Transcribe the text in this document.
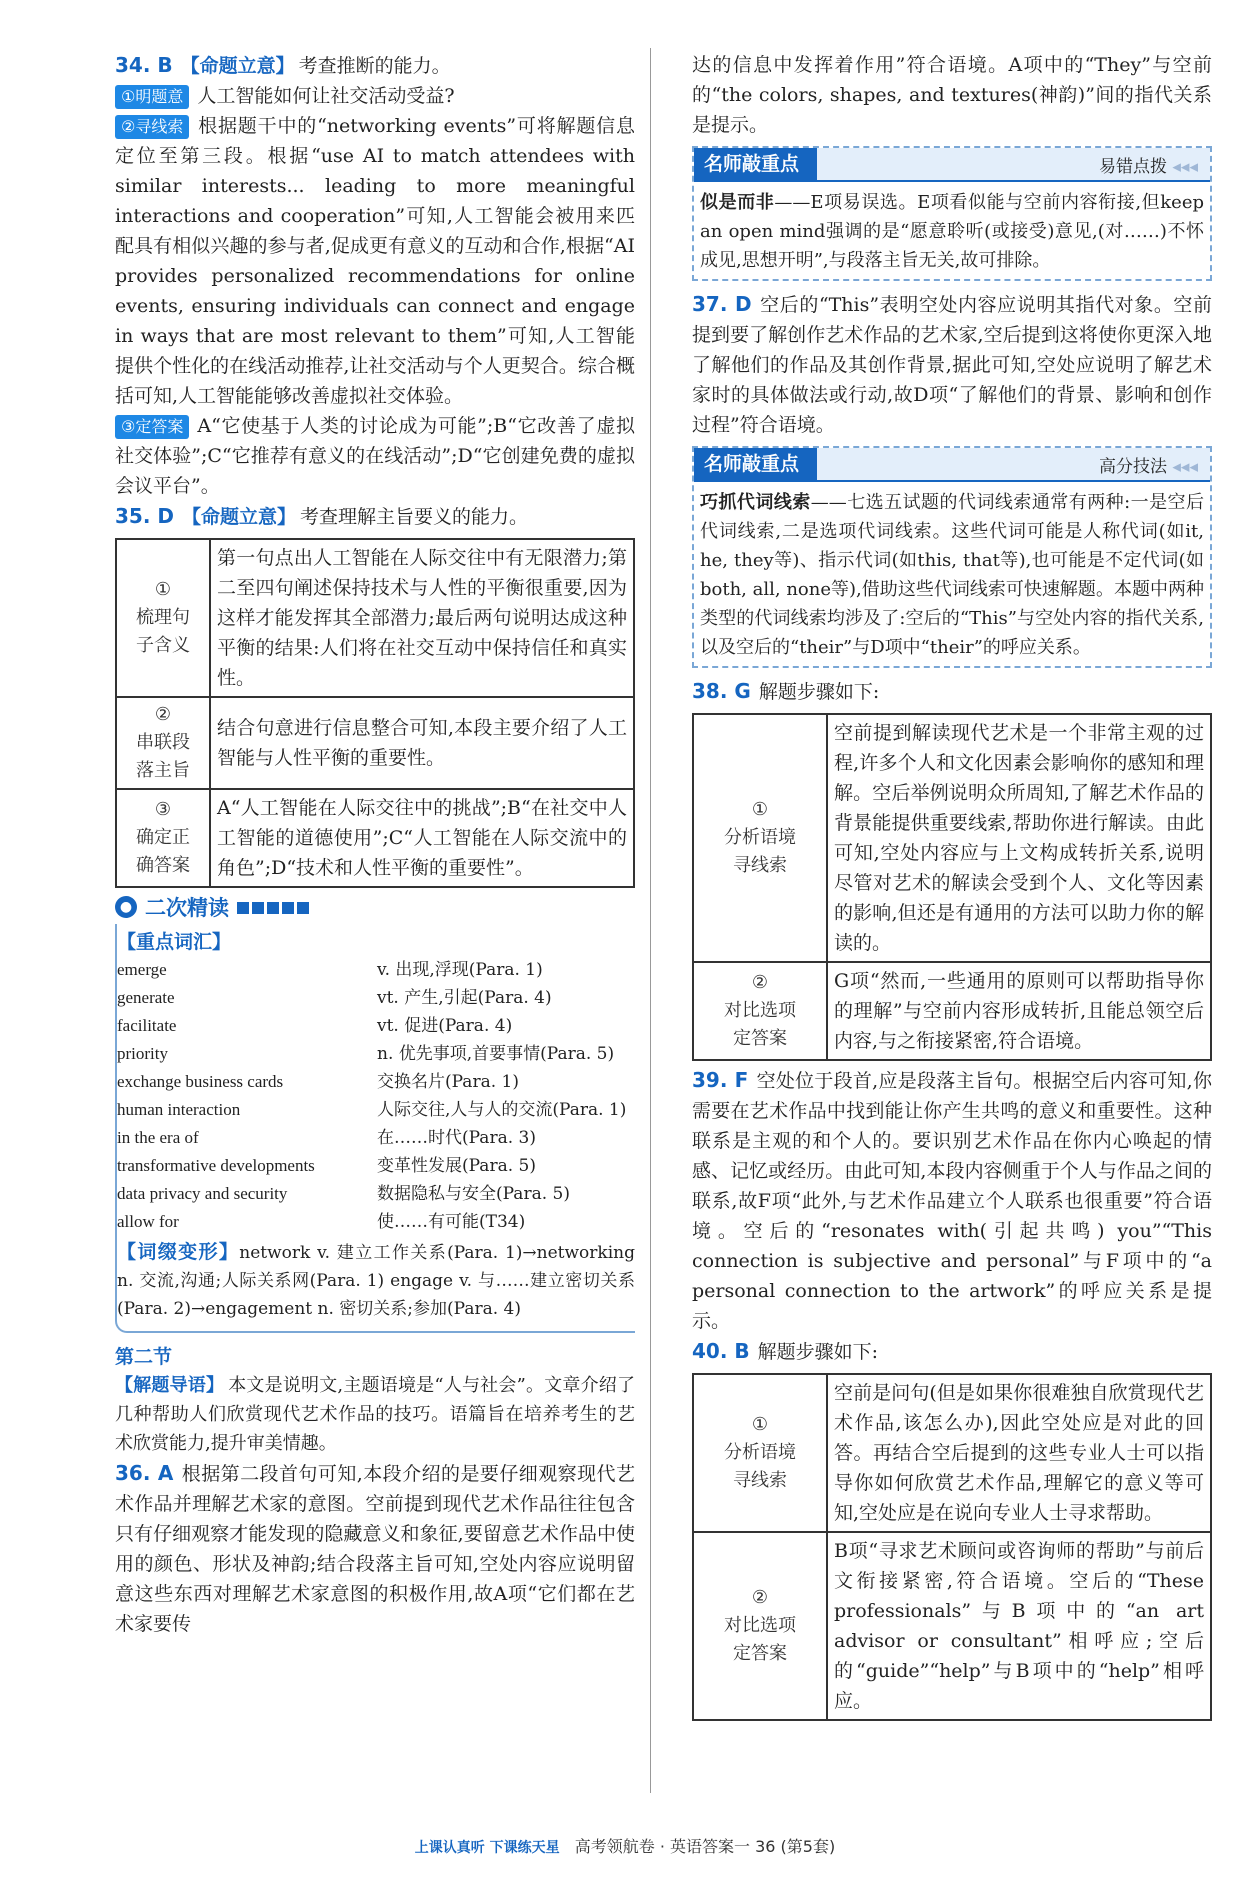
34. B 【命题立意】 考查推断的能力。

①明题意 人工智能如何让社交活动受益?

②寻线索 根据题干中的“networking events”可将解题信息定位至第三段。根据“use AI to match attendees with similar interests... leading to more meaningful interactions and cooperation”可知,人工智能会被用来匹配具有相似兴趣的参与者,促成更有意义的互动和合作,根据“AI provides personalized recommendations for online events, ensuring individuals can connect and engage in ways that are most relevant to them”可知,人工智能提供个性化的在线活动推荐,让社交活动与个人更契合。综合概括可知,人工智能能够改善虚拟社交体验。

③定答案 A“它使基于人类的讨论成为可能”;B“它改善了虚拟社交体验”;C“它推荐有意义的在线活动”;D“它创建免费的虚拟会议平台”。

35. D 【命题立意】 考查理解主旨要义的能力。

①
梳理句
子含义	第一句点出人工智能在人际交往中有无限潜力;第二至四句阐述保持技术与人性的平衡很重要,因为这样才能发挥其全部潜力;最后两句说明达成这种平衡的结果:人们将在社交互动中保持信任和真实性。
②
串联段
落主旨	结合句意进行信息整合可知,本段主要介绍了人工智能与人性平衡的重要性。
③
确定正
确答案	A“人工智能在人际交往中的挑战”;B“在社交中人工智能的道德使用”;C“人工智能在人际交流中的角色”;D“技术和人性平衡的重要性”。
● 二次精读
【重点词汇】
emerge	v. 出现,浮现(Para. 1)
generate	vt. 产生,引起(Para. 4)
facilitate	vt. 促进(Para. 4)
priority	n. 优先事项,首要事情(Para. 5)
exchange business cards	交换名片(Para. 1)
human interaction	人际交往,人与人的交流(Para. 1)
in the era of	在……时代(Para. 3)
transformative developments	变革性发展(Para. 5)
data privacy and security	数据隐私与安全(Para. 5)
allow for	使……有可能(T34)

【词缀变形】network v. 建立工作关系(Para. 1)→networking n. 交流,沟通;人际关系网(Para. 1) engage v. 与……建立密切关系(Para. 2)→engagement n. 密切关系;参加(Para. 4)

第二节

【解题导语】 本文是说明文,主题语境是“人与社会”。文章介绍了几种帮助人们欣赏现代艺术作品的技巧。语篇旨在培养考生的艺术欣赏能力,提升审美情趣。

36. A 根据第二段首句可知,本段介绍的是要仔细观察现代艺术作品并理解艺术家的意图。空前提到现代艺术作品往往包含只有仔细观察才能发现的隐藏意义和象征,要留意艺术作品中使用的颜色、形状及神韵;结合段落主旨可知,空处内容应说明留意这些东西对理解艺术家意图的积极作用,故A项“它们都在艺术家要传

达的信息中发挥着作用”符合语境。A项中的“They”与空前的“the colors, shapes, and textures(神韵)”间的指代关系是提示。

名师敲重点	易错点拨 ◂◂◂
似是而非——E项易误选。E项看似能与空前内容衔接,但keep an open mind强调的是“愿意聆听(或接受)意见,(对……)不怀成见,思想开明”,与段落主旨无关,故可排除。

37. D 空后的“This”表明空处内容应说明其指代对象。空前提到要了解创作艺术作品的艺术家,空后提到这将使你更深入地了解他们的作品及其创作背景,据此可知,空处应说明了解艺术家时的具体做法或行动,故D项“了解他们的背景、影响和创作过程”符合语境。

名师敲重点	高分技法 ◂◂◂
巧抓代词线索——七选五试题的代词线索通常有两种:一是空后代词线索,二是选项代词线索。这些代词可能是人称代词(如it, he, they等)、指示代词(如this, that等),也可能是不定代词(如both, all, none等),借助这些代词线索可快速解题。本题中两种类型的代词线索均涉及了:空后的“This”与空处内容的指代关系,以及空后的“their”与D项中“their”的呼应关系。

38. G 解题步骤如下:

①
分析语境
寻线索	空前提到解读现代艺术是一个非常主观的过程,许多个人和文化因素会影响你的感知和理解。空后举例说明众所周知,了解艺术作品的背景能提供重要线索,帮助你进行解读。由此可知,空处内容应与上文构成转折关系,说明尽管对艺术的解读会受到个人、文化等因素的影响,但还是有通用的方法可以助力你的解读的。
②
对比选项
定答案	G项“然而,一些通用的原则可以帮助指导你的理解”与空前内容形成转折,且能总领空后内容,与之衔接紧密,符合语境。

39. F 空处位于段首,应是段落主旨句。根据空后内容可知,你需要在艺术作品中找到能让你产生共鸣的意义和重要性。这种联系是主观的和个人的。要识别艺术作品在你内心唤起的情感、记忆或经历。由此可知,本段内容侧重于个人与作品之间的联系,故F项“此外,与艺术作品建立个人联系也很重要”符合语境。空后的“resonates with(引起共鸣) you”“This connection is subjective and personal”与F项中的“a personal connection to the artwork”的呼应关系是提示。

40. B 解题步骤如下:

①
分析语境
寻线索	空前是问句(但是如果你很难独自欣赏现代艺术作品,该怎么办),因此空处应是对此的回答。再结合空后提到的这些专业人士可以指导你如何欣赏艺术作品,理解它的意义等可知,空处应是在说向专业人士寻求帮助。
②
对比选项
定答案	B项“寻求艺术顾问或咨询师的帮助”与前后文衔接紧密,符合语境。空后的“These professionals”与B项中的“an art advisor or consultant”相呼应;空后的“guide”“help”与B项中的“help”相呼应。
上课认真听 下课练天星 高考领航卷 · 英语答案一 36 (第5套)
